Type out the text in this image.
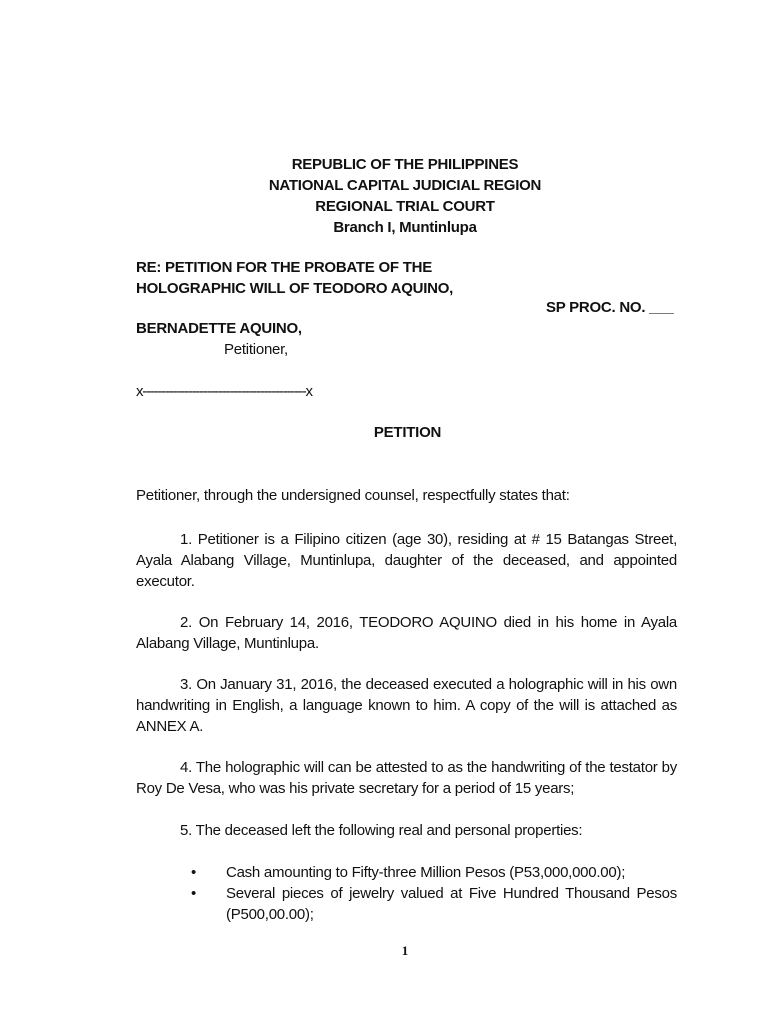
REPUBLIC OF THE PHILIPPINES
NATIONAL CAPITAL JUDICIAL REGION
REGIONAL TRIAL COURT
Branch I, Muntinlupa
RE: PETITION FOR THE PROBATE OF THE
HOLOGRAPHIC WILL OF TEODORO AQUINO,
SP PROC. NO. ___
BERNADETTE AQUINO,
Petitioner,
x-------------------------------------------x
PETITION
Petitioner, through the undersigned counsel, respectfully states that:
1. Petitioner is a Filipino citizen (age 30), residing at # 15 Batangas Street, Ayala Alabang Village, Muntinlupa, daughter of the deceased, and appointed executor.
2. On February 14, 2016, TEODORO AQUINO died in his home in Ayala Alabang Village, Muntinlupa.
3. On January 31, 2016, the deceased executed a holographic will in his own handwriting in English, a language known to him. A copy of the will is attached as ANNEX A.
4. The holographic will can be attested to as the handwriting of the testator by Roy De Vesa, who was his private secretary for a period of 15 years;
5. The deceased left the following real and personal properties:
• Cash amounting to Fifty-three Million Pesos (P53,000,000.00);
• Several pieces of jewelry valued at Five Hundred Thousand Pesos (P500,00.00);
1
